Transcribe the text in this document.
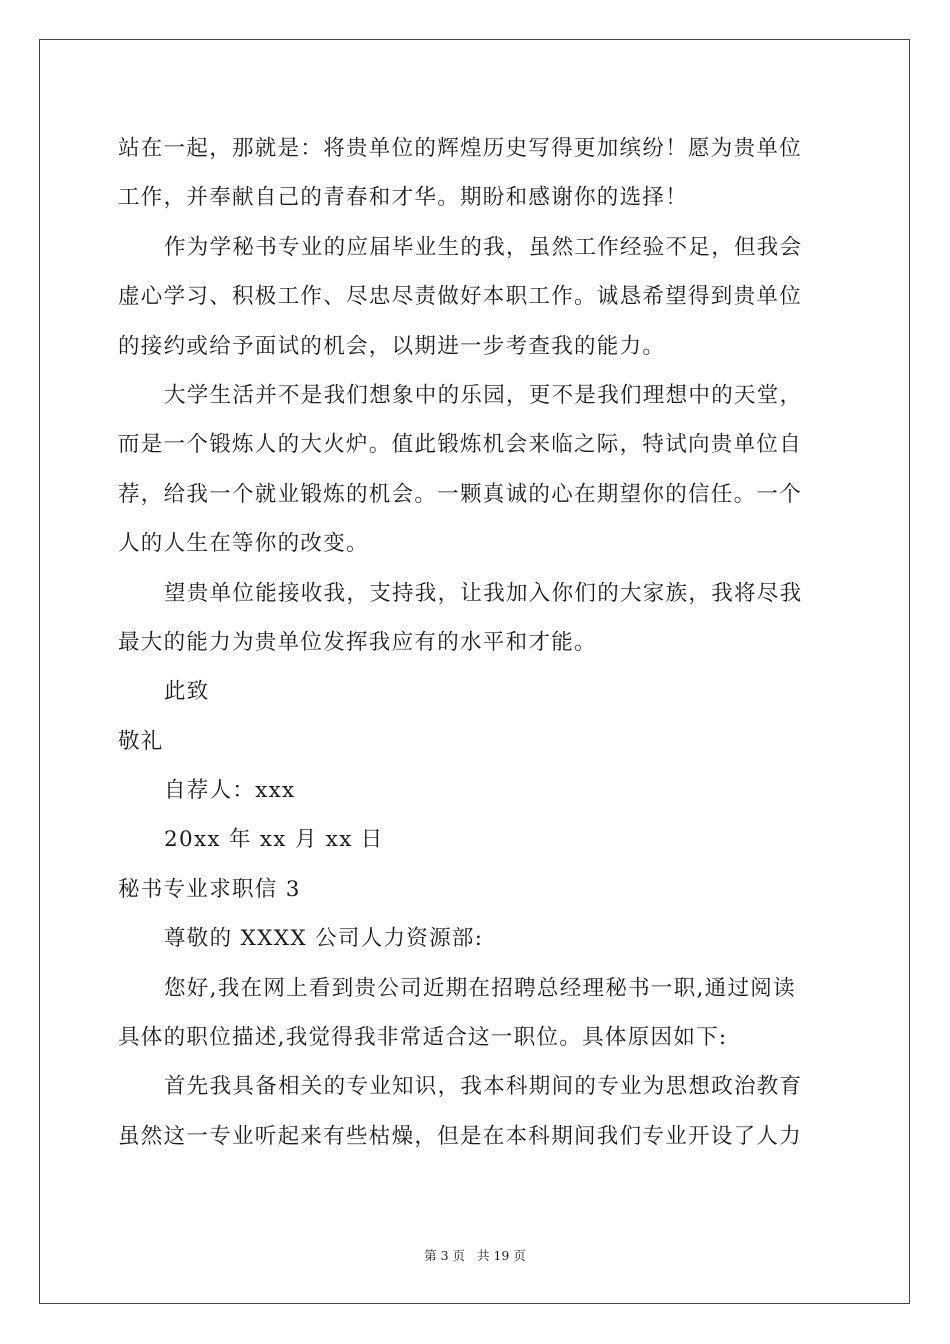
站在一起，那就是：将贵单位的辉煌历史写得更加缤纷！愿为贵单位
工作，并奉献自己的青春和才华。期盼和感谢你的选择！
作为学秘书专业的应届毕业生的我，虽然工作经验不足，但我会
虚心学习、积极工作、尽忠尽责做好本职工作。诚恳希望得到贵单位
的接约或给予面试的机会，以期进一步考查我的能力。
大学生活并不是我们想象中的乐园，更不是我们理想中的天堂，
而是一个锻炼人的大火炉。值此锻炼机会来临之际，特试向贵单位自
荐，给我一个就业锻炼的机会。一颗真诚的心在期望你的信任。一个
人的人生在等你的改变。
望贵单位能接收我，支持我，让我加入你们的大家族，我将尽我
最大的能力为贵单位发挥我应有的水平和才能。
此致
敬礼
自荐人：xxx
20xx 年 xx 月 xx 日
秘书专业求职信 3
尊敬的 XXXX 公司人力资源部:
您好,我在网上看到贵公司近期在招聘总经理秘书一职,通过阅读
具体的职位描述,我觉得我非常适合这一职位。具体原因如下:
首先我具备相关的专业知识，我本科期间的专业为思想政治教育
虽然这一专业听起来有些枯燥，但是在本科期间我们专业开设了人力
第 3 页 共 19 页
